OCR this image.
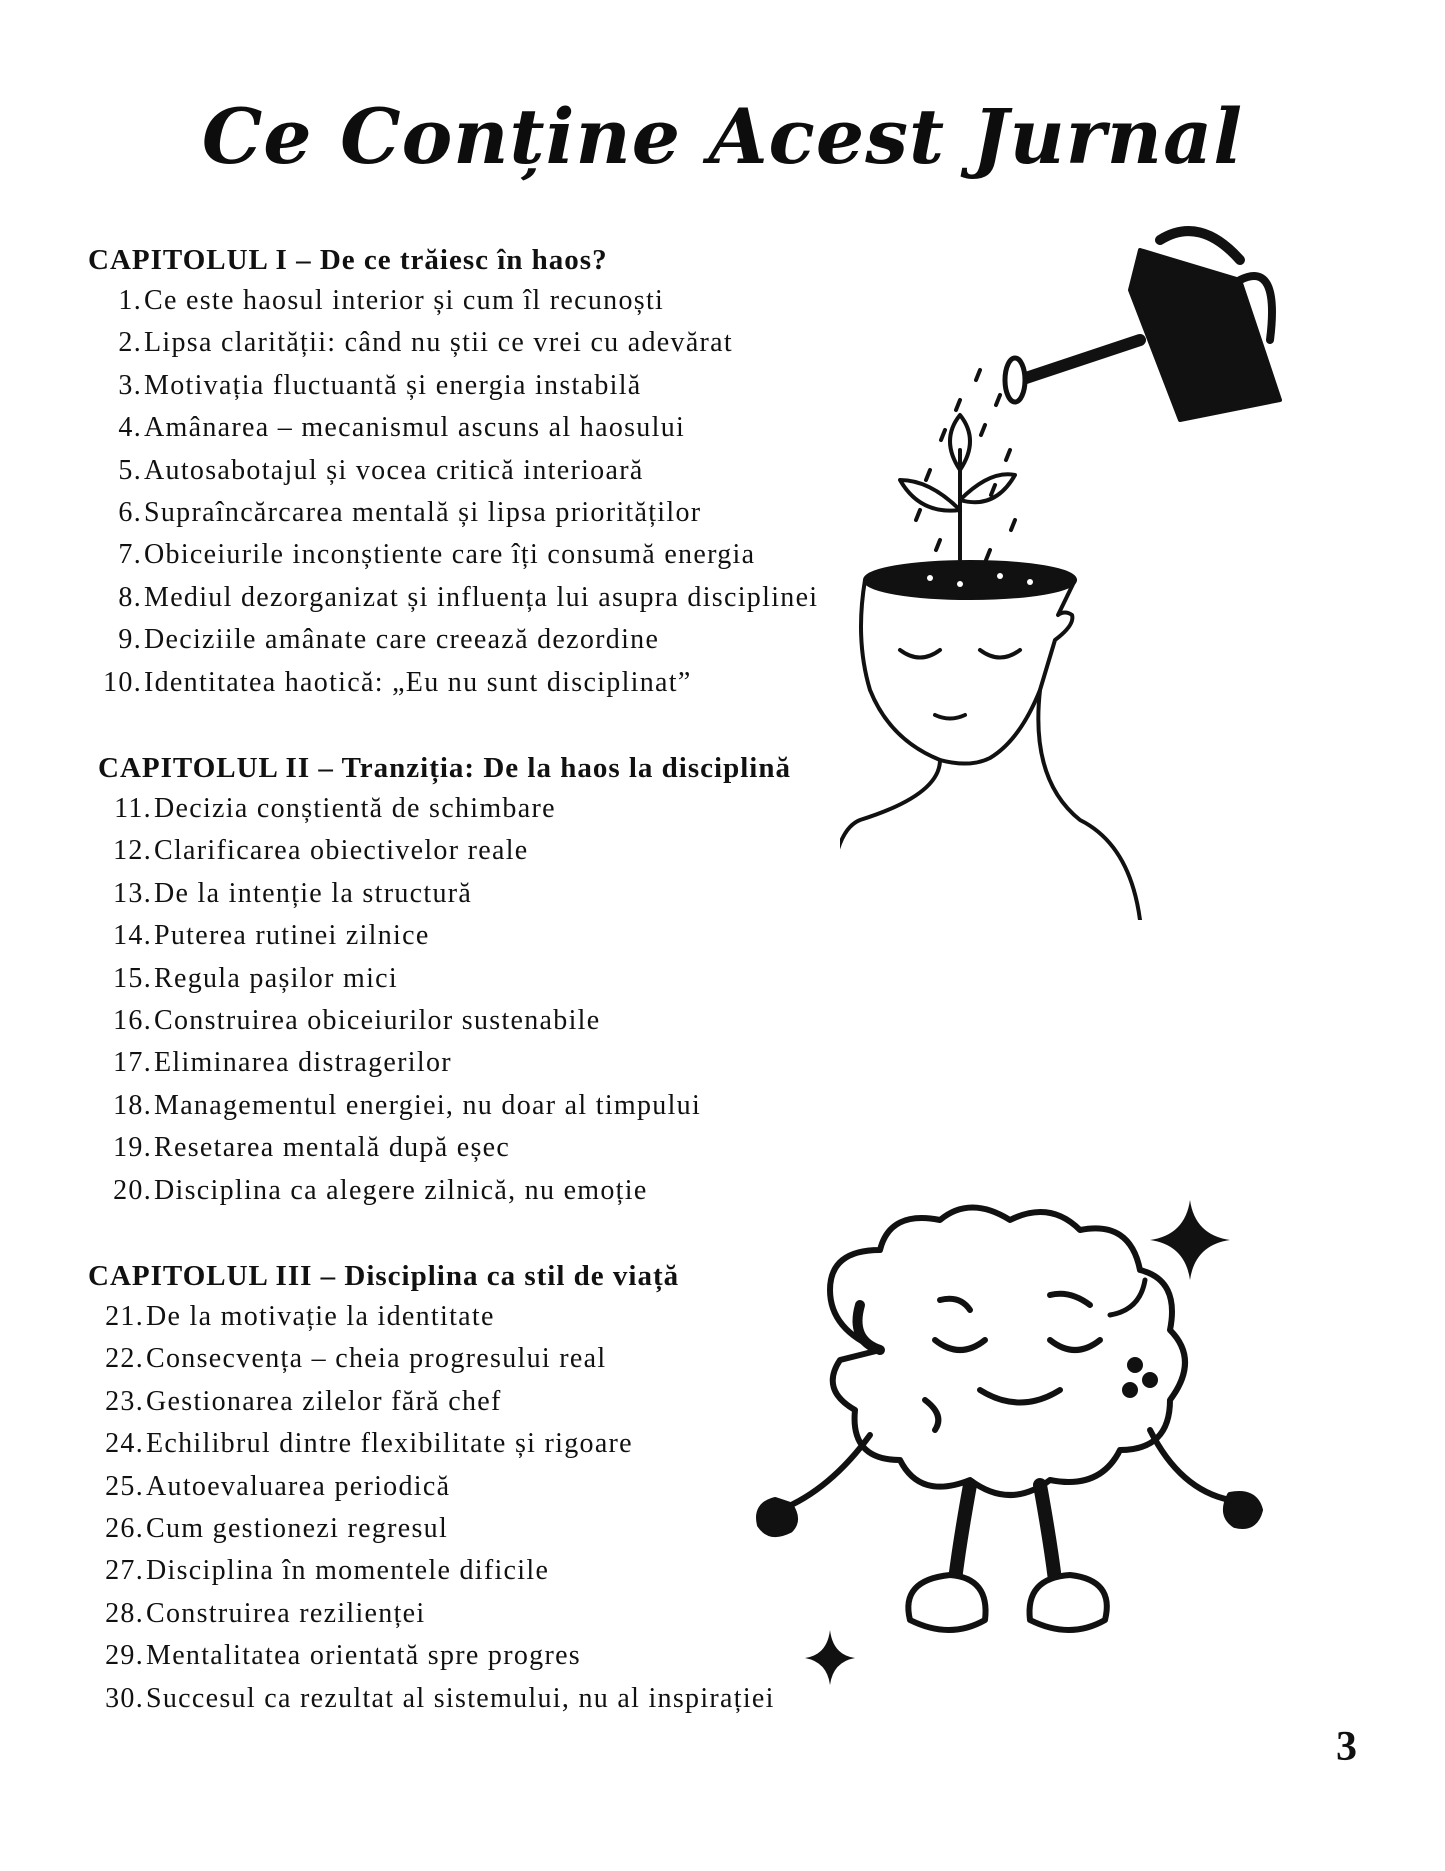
Ce Conține Acest Jurnal
CAPITOLUL I – De ce trăiesc în haos?
1. Ce este haosul interior și cum îl recunoști
2. Lipsa clarității: când nu știi ce vrei cu adevărat
3. Motivația fluctuantă și energia instabilă
4. Amânarea – mecanismul ascuns al haosului
5. Autosabotajul și vocea critică interioară
6. Supraîncărcarea mentală și lipsa priorităților
7. Obiceiurile inconștiente care îți consumă energia
8. Mediul dezorganizat și influența lui asupra disciplinei
9. Deciziile amânate care creează dezordine
10. Identitatea haotică: „Eu nu sunt disciplinat”
CAPITOLUL II – Tranziția: De la haos la disciplină
11. Decizia conștientă de schimbare
12. Clarificarea obiectivelor reale
13. De la intenție la structură
14. Puterea rutinei zilnice
15. Regula pașilor mici
16. Construirea obiceiurilor sustenabile
17. Eliminarea distragerilor
18. Managementul energiei, nu doar al timpului
19. Resetarea mentală după eșec
20. Disciplina ca alegere zilnică, nu emoție
CAPITOLUL III – Disciplina ca stil de viață
21. De la motivație la identitate
22. Consecvența – cheia progresului real
23. Gestionarea zilelor fără chef
24. Echilibrul dintre flexibilitate și rigoare
25. Autoevaluarea periodică
26. Cum gestionezi regresul
27. Disciplina în momentele dificile
28. Construirea rezilienței
29. Mentalitatea orientată spre progres
30. Succesul ca rezultat al sistemului, nu al inspirației
3
